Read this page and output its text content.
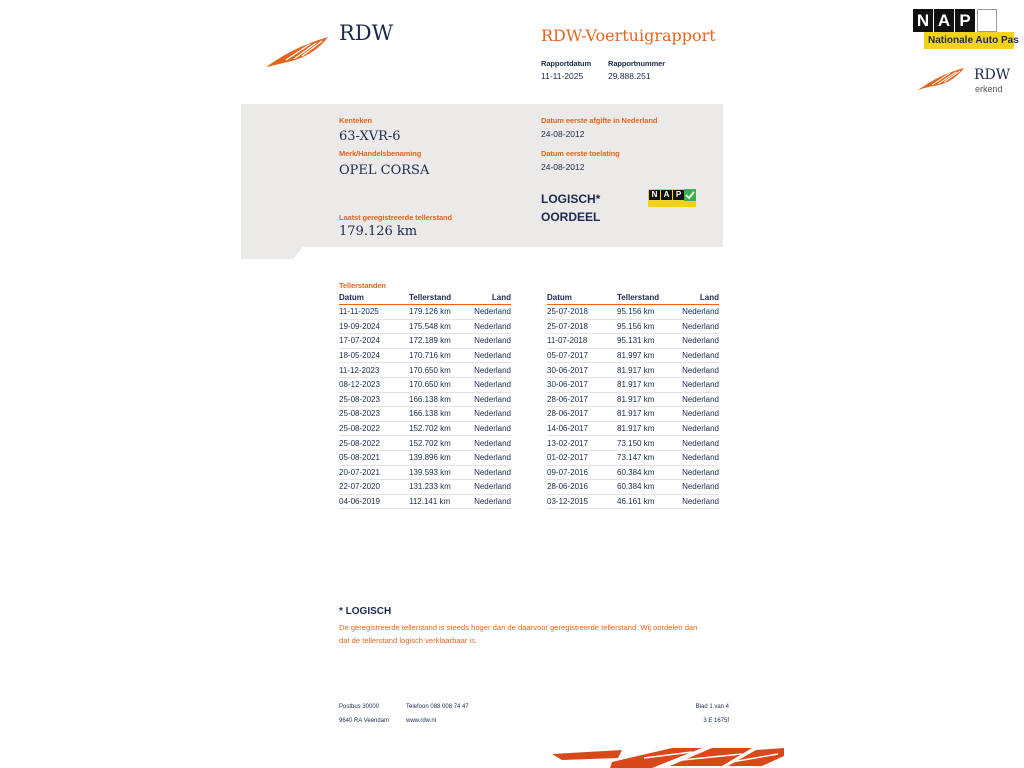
RDW	RDW-Voertuigrapport
Rapportdatum Rapportnummer
11-11-2025	29.888.251
Kenteken
63-XVR-6
Merk/Handelsbenaming
OPEL CORSA
Laatst geregistreerde tellerstand
179.126 km
Datum eerste afgifte in Nederland
24-08-2012
Datum eerste toelating
24-08-2012
LOGISCH*
OORDEEL
N A P
Tellerstanden
Datum	Tellerstand	Land
11-11-2025	179.126 km	Nederland
19-09-2024	175.548 km	Nederland
17-07-2024	172.189 km	Nederland
18-05-2024	170.716 km	Nederland
11-12-2023	170.650 km	Nederland
08-12-2023	170.650 km	Nederland
25-08-2023	166.138 km	Nederland
25-08-2023	166.138 km	Nederland
25-08-2022	152.702 km	Nederland
25-08-2022	152.702 km	Nederland
05-08-2021	139.896 km	Nederland
20-07-2021	139.593 km	Nederland
22-07-2020	131.233 km	Nederland
04-06-2019	112.141 km	Nederland
Datum	Tellerstand	Land
25-07-2018	95.156 km	Nederland
25-07-2018	95.156 km	Nederland
11-07-2018	95.131 km	Nederland
05-07-2017	81.997 km	Nederland
30-06-2017	81.917 km	Nederland
30-06-2017	81.917 km	Nederland
28-06-2017	81.917 km	Nederland
28-06-2017	81.917 km	Nederland
14-06-2017	81.917 km	Nederland
13-02-2017	73.150 km	Nederland
01-02-2017	73.147 km	Nederland
09-07-2016	60.384 km	Nederland
28-06-2016	60.384 km	Nederland
03-12-2015	46.161 km	Nederland
* LOGISCH
De geregistreerde tellerstand is steeds hoger dan de daarvoor geregistreerde tellerstand. Wij oordelen dan
dat de tellerstand logisch verklaarbaar is.
Postbus 30000
9640 RA Veendam
Telefoon 088 008 74 47
www.rdw.nl
Blad 1 van 4
3 E 1675f
N A P
Nationale Auto Pas
RDW
erkend
